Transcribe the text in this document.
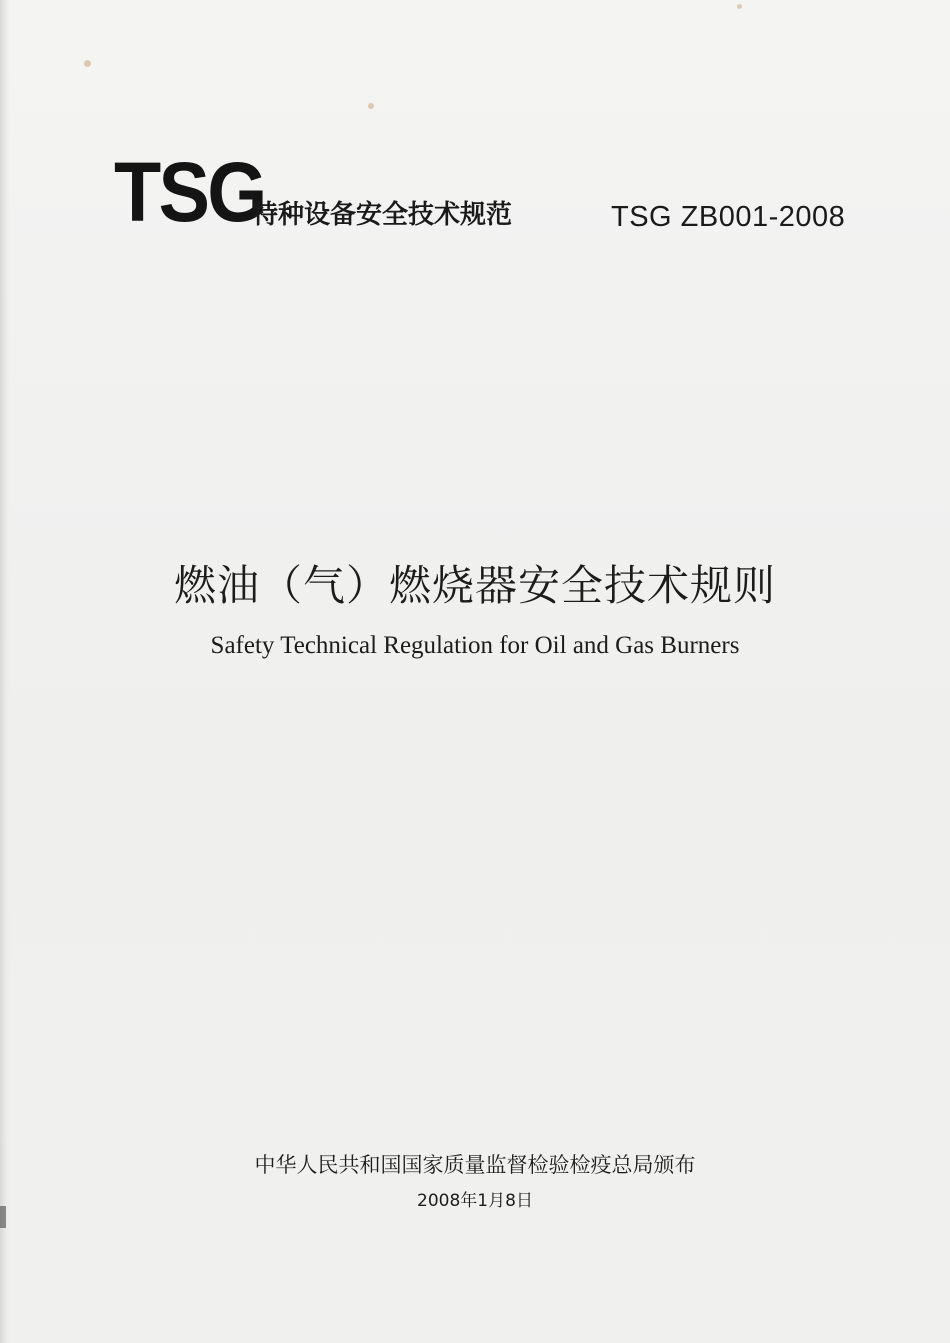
TSG
特种设备安全技术规范	TSG ZB001-2008
燃油（气）燃烧器安全技术规则
Safety Technical Regulation for Oil and Gas Burners
中华人民共和国国家质量监督检验检疫总局颁布
2008年1月8日
